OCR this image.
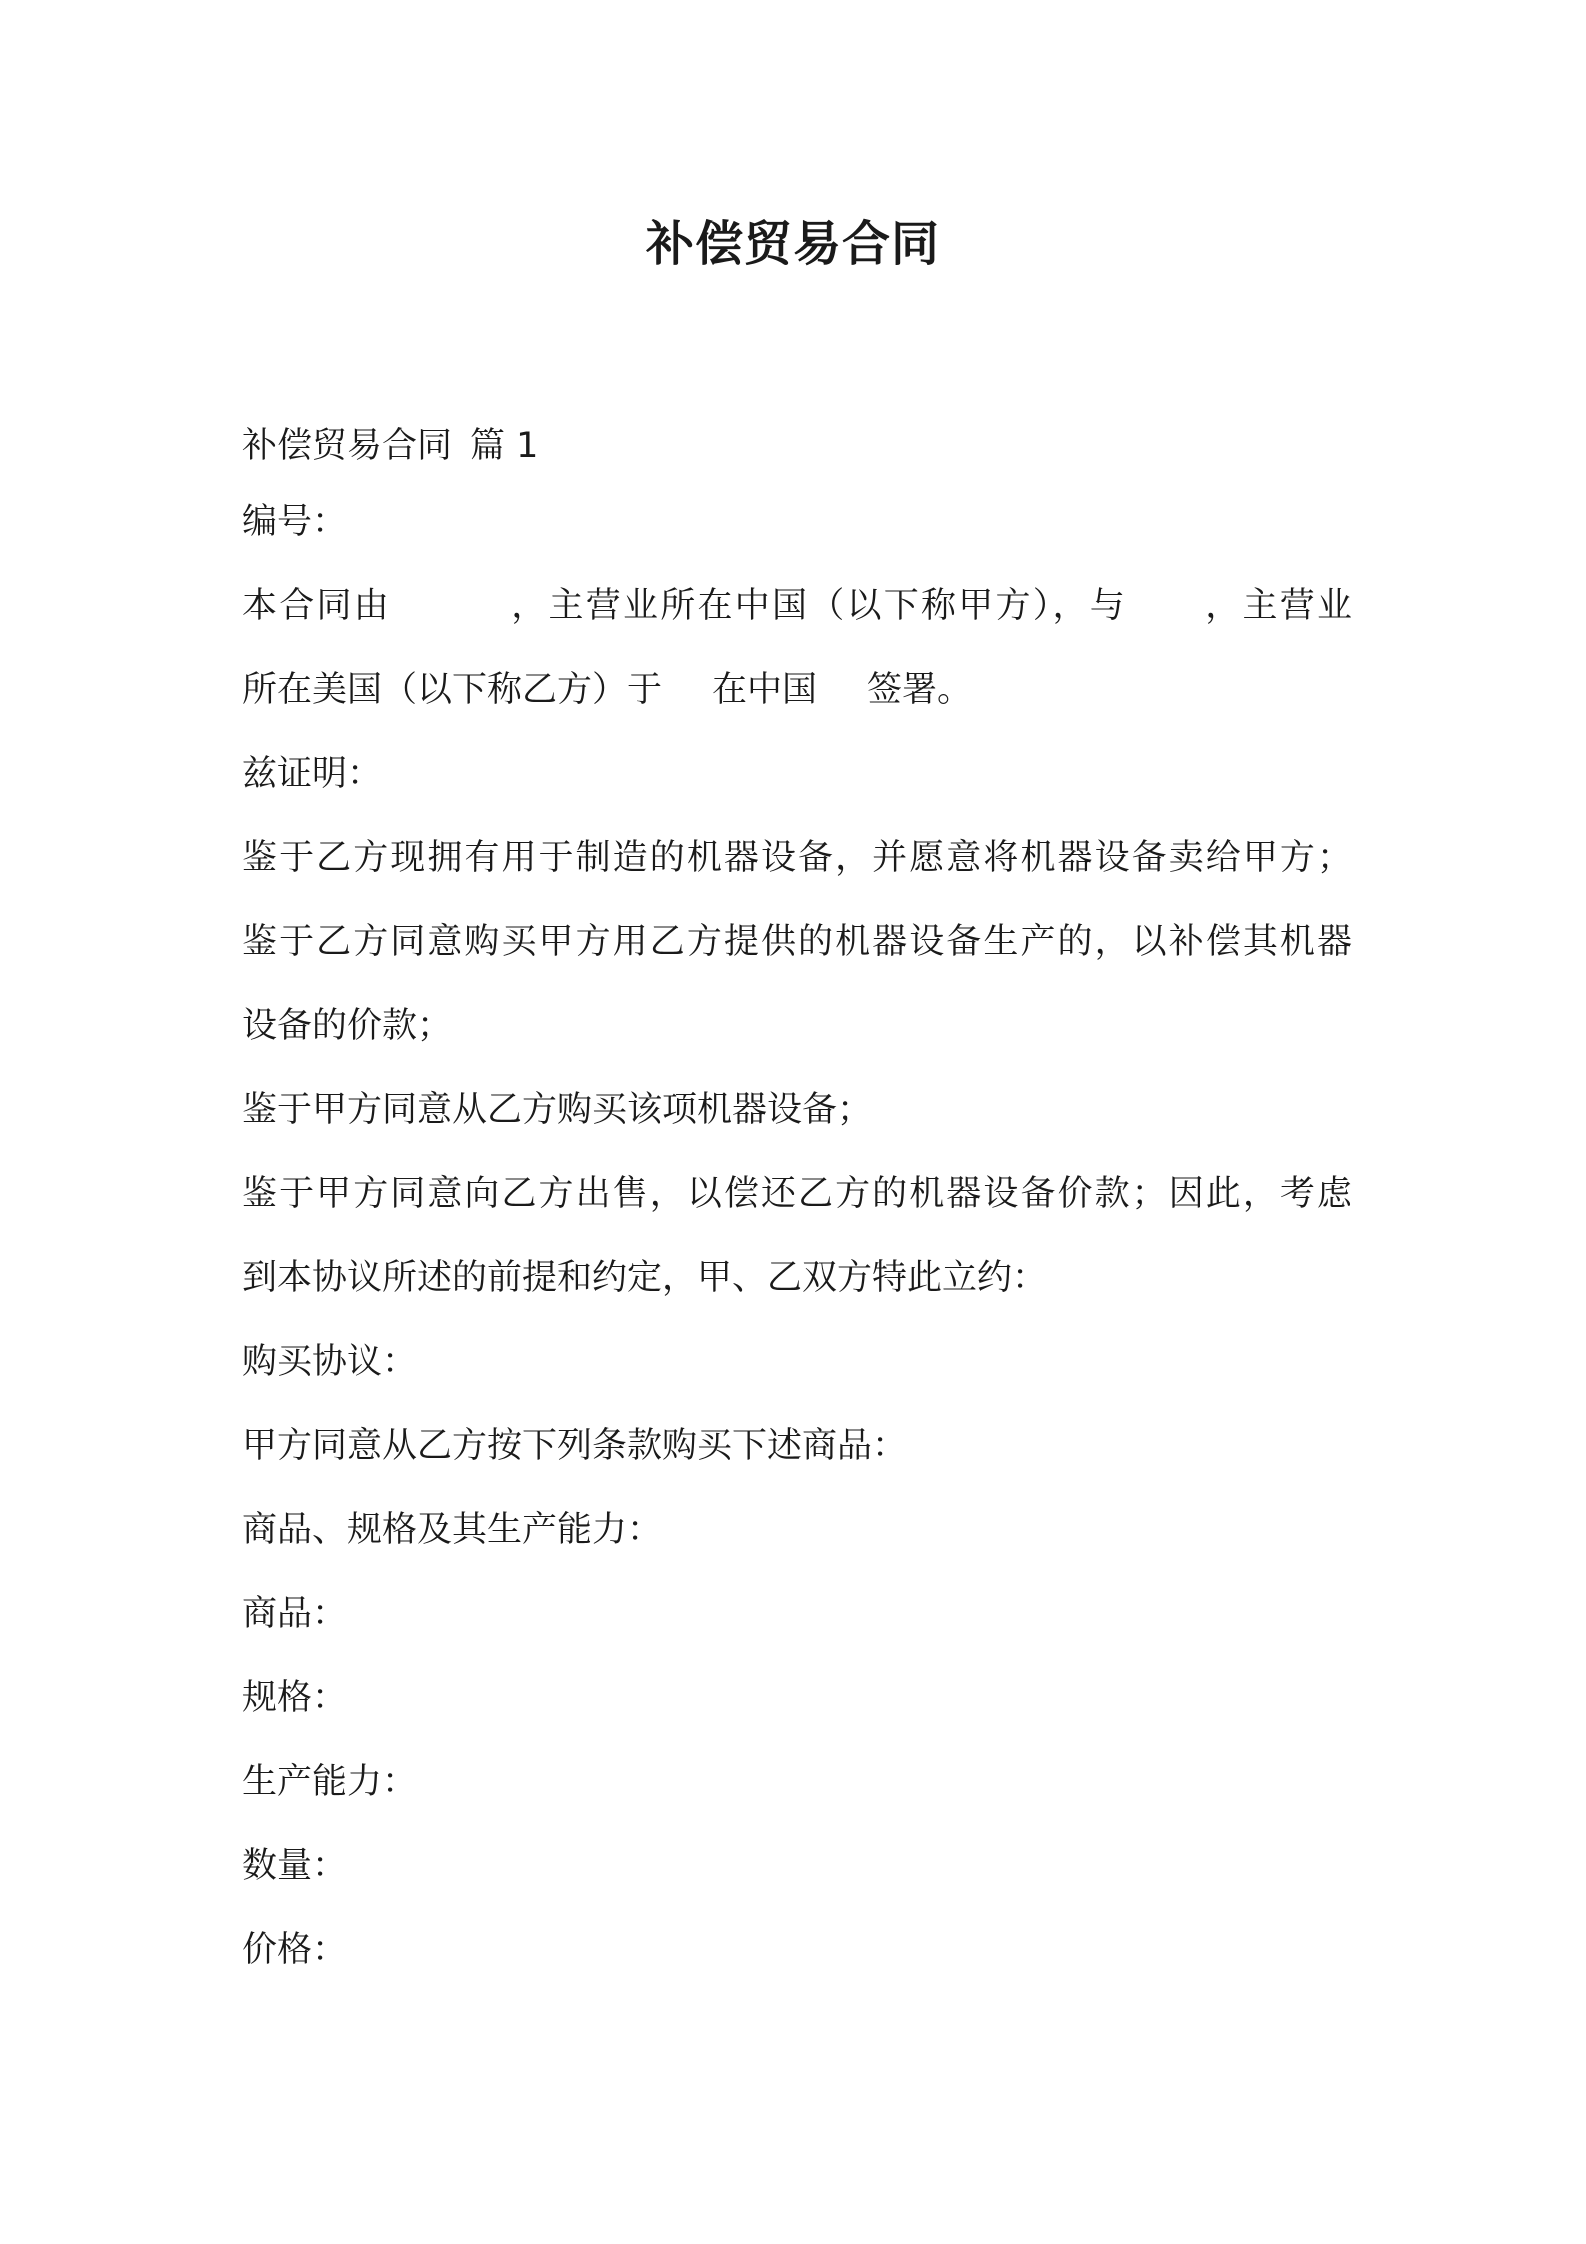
补偿贸易合同
补偿贸易合同 篇 1
编号：
本合同由	，主营业所在中国（以下称甲方），与 ，主营业
所在美国（以下称乙方）于 在中国 签署。
兹证明：
鉴于乙方现拥有用于制造的机器设备，并愿意将机器设备卖给甲方；
鉴于乙方同意购买甲方用乙方提供的机器设备生产的，以补偿其机器
设备的价款；
鉴于甲方同意从乙方购买该项机器设备；
鉴于甲方同意向乙方出售，以偿还乙方的机器设备价款；因此，考虑
到本协议所述的前提和约定，甲、乙双方特此立约：
购买协议：
甲方同意从乙方按下列条款购买下述商品：
商品、规格及其生产能力：
商品：
规格：
生产能力：
数量：
价格：
